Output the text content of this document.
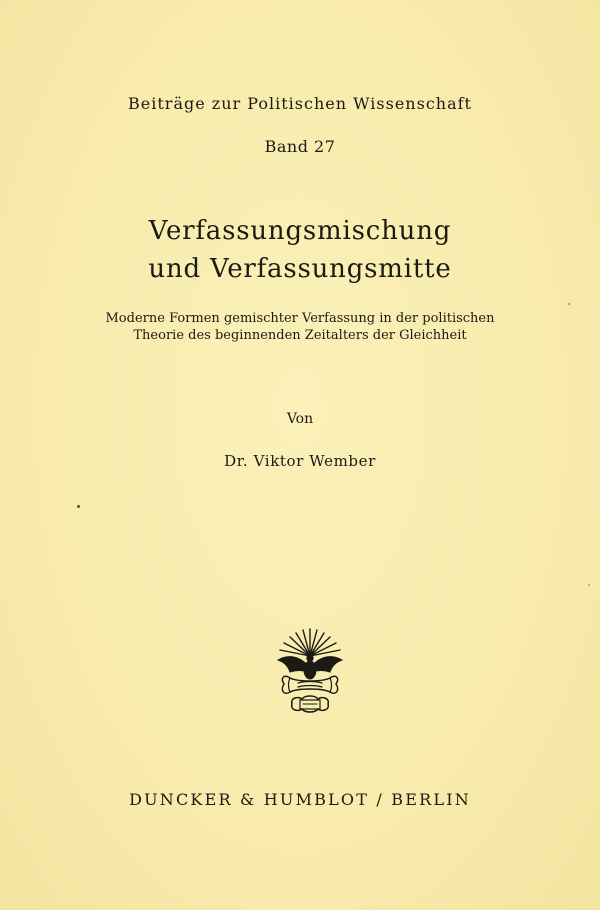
Beiträge zur Politischen Wissenschaft
Band 27
Verfassungsmischung
und Verfassungsmitte
Moderne Formen gemischter Verfassung in der politischen
Theorie des beginnenden Zeitalters der Gleichheit
Von
Dr. Viktor Wember
DUNCKER & HUMBLOT / BERLIN
